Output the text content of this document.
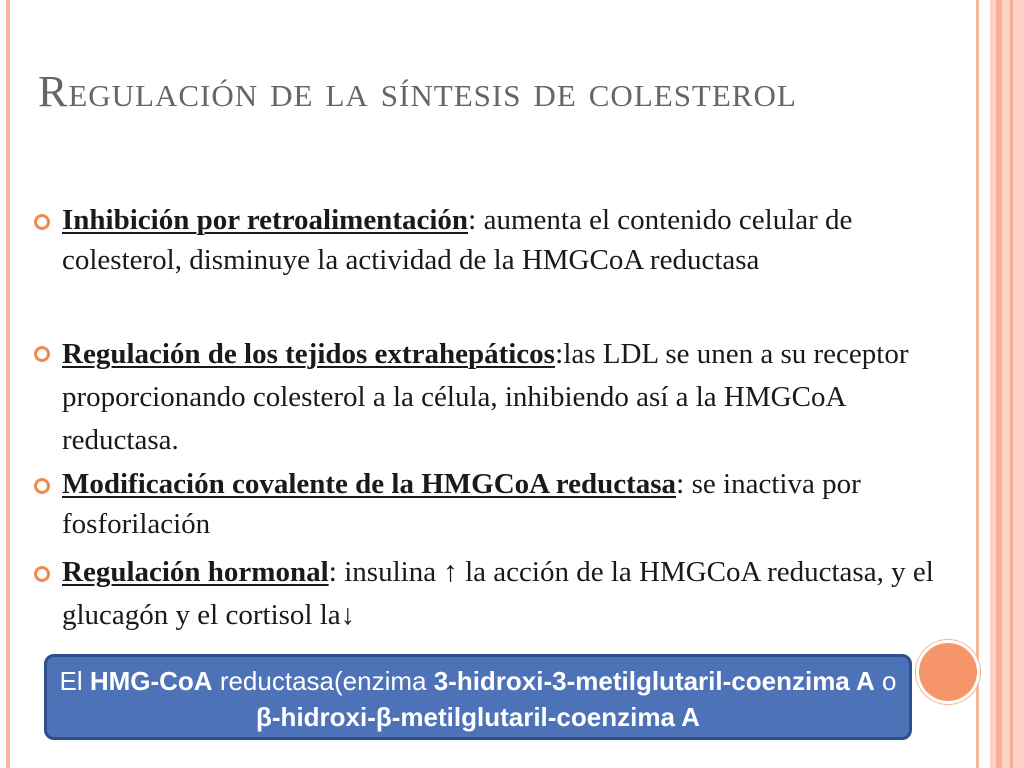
Regulación de la síntesis de colesterol
Inhibición por retroalimentación: aumenta el contenido celular de colesterol, disminuye la actividad de la HMGCoA reductasa
Regulación de los tejidos extrahepáticos:las LDL se unen a su receptor proporcionando colesterol a la célula, inhibiendo así a la HMGCoA reductasa.
Modificación covalente de la HMGCoA reductasa: se inactiva por fosforilación
Regulación hormonal: insulina ↑ la acción de la HMGCoA reductasa, y el glucagón y el cortisol la↓
El HMG-CoA reductasa(enzima 3-hidroxi-3-metilglutaril-coenzima A o β-hidroxi-β-metilglutaril-coenzima A
